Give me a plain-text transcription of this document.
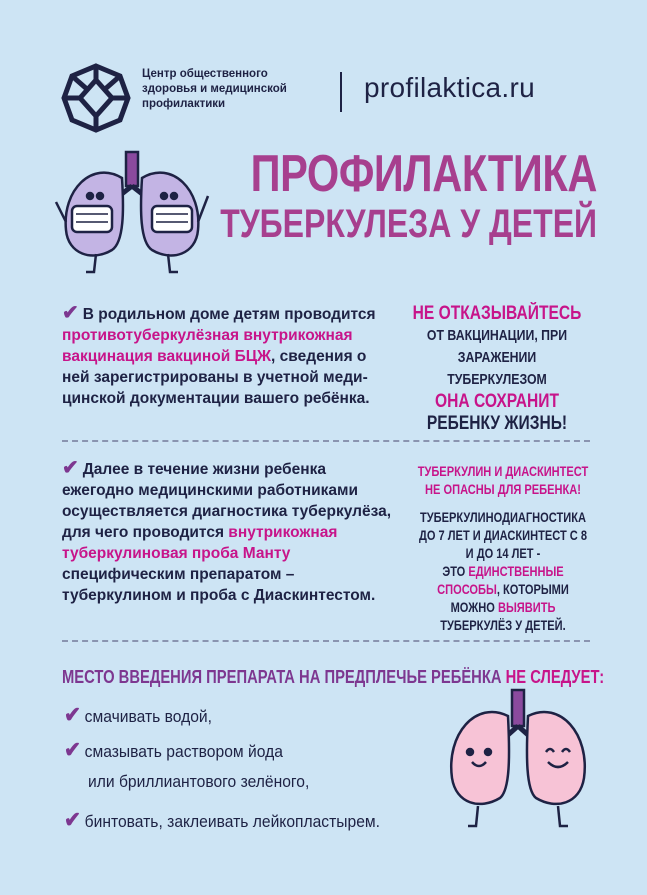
Центр общественного
здоровья и медицинской
профилактики
profilaktica.ru
ПРОФИЛАКТИКА
ТУБЕРКУЛЕЗА У ДЕТЕЙ
✔ В родильном доме детям проводится противотуберкулёзная внутрикожная вакцинация вакциной БЦЖ, сведения о ней зарегистрированы в учетной меди-цинской документации вашего ребёнка.
НЕ ОТКАЗЫВАЙТЕСЬ
ОТ ВАКЦИНАЦИИ, ПРИ ЗАРАЖЕНИИ ТУБЕРКУЛЕЗОМ
ОНА СОХРАНИТ
РЕБЕНКУ ЖИЗНЬ!
✔ Далее в течение жизни ребенка ежегодно медицинскими работниками осуществляется диагностика туберкулёза, для чего проводится внутрикожная туберкулиновая проба Манту специфическим препаратом – туберкулином и проба с Диаскинтестом.
ТУБЕРКУЛИН И ДИАСКИНТЕСТ НЕ ОПАСНЫ ДЛЯ РЕБЕНКА!
ТУБЕРКУЛИНОДИАГНОСТИКА ДО 7 ЛЕТ И ДИАСКИНТЕСТ С 8 И ДО 14 ЛЕТ -
ЭТО ЕДИНСТВЕННЫЕ СПОСОБЫ, КОТОРЫМИ МОЖНО ВЫЯВИТЬ ТУБЕРКУЛЁЗ У ДЕТЕЙ.
МЕСТО ВВЕДЕНИЯ ПРЕПАРАТА НА ПРЕДПЛЕЧЬЕ РЕБЁНКА НЕ СЛЕДУЕТ:
✔ смачивать водой,
✔ смазывать раствором йода
или бриллиантового зелёного,
✔ бинтовать, заклеивать лейкопластырем.
